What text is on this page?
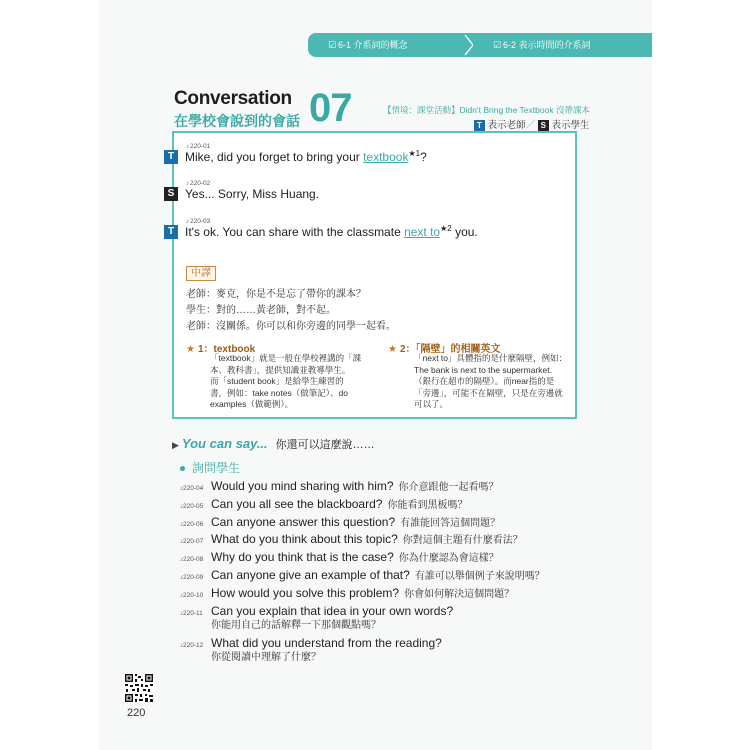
☑ 6-1 介系詞的概念	☑ 6-2 表示時間的介系詞
Conversation
在學校會說到的會話 07	【情境：課堂活動】Didn't Bring the Textbook 沒帶課本
T 表示老師／ S 表示學生
♪ 220-01
T Mike, did you forget to bring your textbook$^{★1}$?
♪ 220-02
S Yes... Sorry, Miss Huang.
♪ 220-03
T It's ok. You can share with the classmate next $to^{★2}$ you.
中譯
老師：麥克，你是不是忘了帶你的課本？
學生：對的……黃老師，對不起。
老師：沒關係。你可以和你旁邊的同學一起看。
★ 1：textbook
「textbook」就是一般在學校裡講的「課
本、教科書」，提供知識並教導學生。
而「student book」是給學生練習的
書，例如：take notes（做筆記）、do
examples（做範例）。
★ 2：「隔壁」的相關英文
「next to」具體指的是什麼隔壁，例如：
The bank is next to the supermarket.
（銀行在超市的隔壁）。而near指的是
「旁邊」，可能不在隔壁，只是在旁邊就
可以了。
▶ You can say... 你還可以這麼說……
詢問學生
♪ 220-04 Would you mind sharing with him? 你介意跟他一起看嗎？
♪ 220-05 Can you all see the blackboard? 你能看到黑板嗎？
♪ 220-06 Can anyone answer this question? 有誰能回答這個問題？
♪ 220-07 What do you think about this topic? 你對這個主題有什麼看法？
♪ 220-08 Why do you think that is the case? 你為什麼認為會這樣？
♪ 220-09 Can anyone give an example of that? 有誰可以舉個例子來說明嗎？
♪ 220-10 How would you solve this problem? 你會如何解決這個問題？
♪ 220-11 Can you explain that idea in your own words?
你能用自己的話解釋一下那個觀點嗎？
♪ 220-12 What did you understand from the reading?
你從閱讀中理解了什麼？
220
